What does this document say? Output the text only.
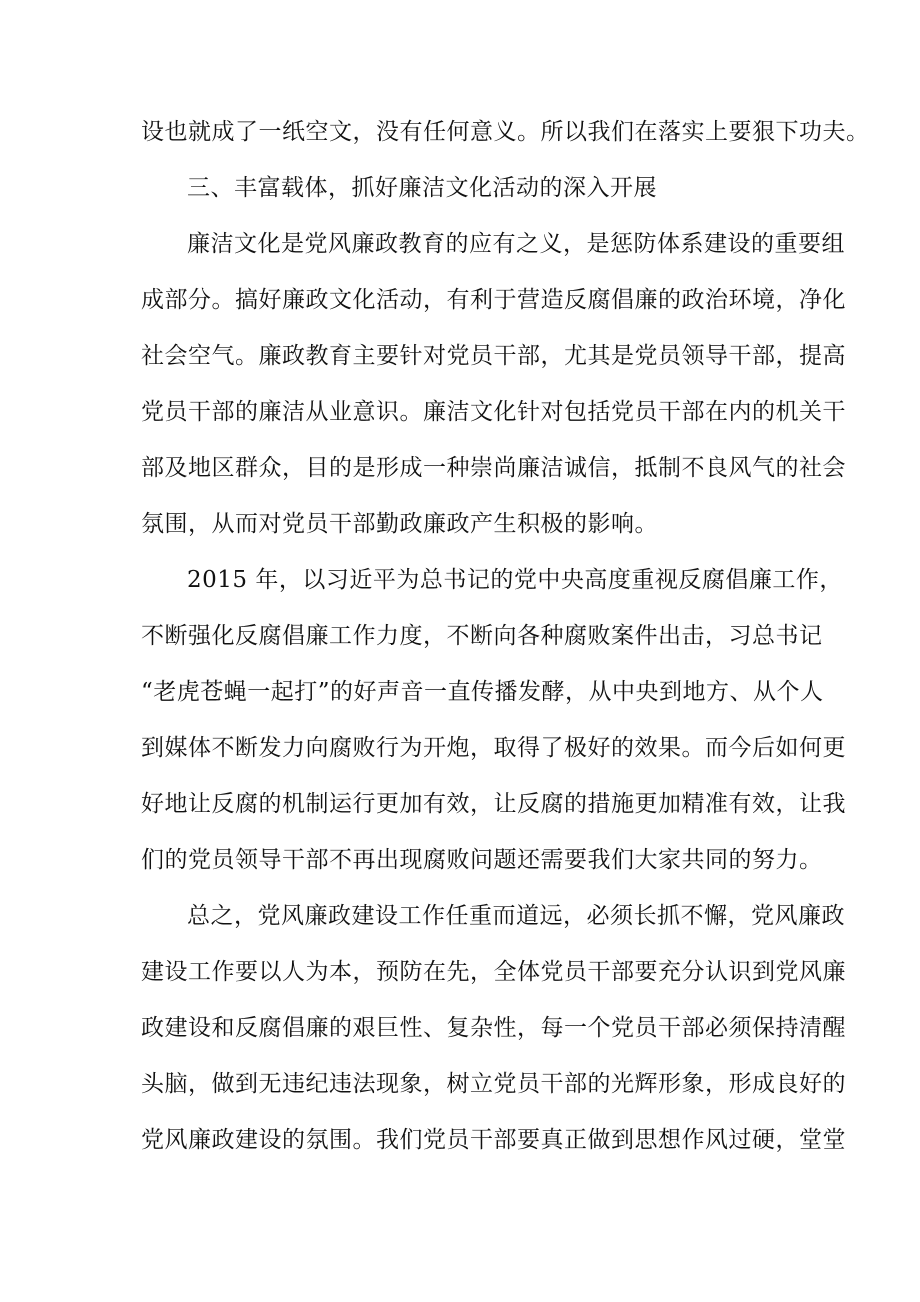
设也就成了一纸空文，没有任何意义。所以我们在落实上要狠下功夫。
三、丰富载体，抓好廉洁文化活动的深入开展
廉洁文化是党风廉政教育的应有之义，是惩防体系建设的重要组
成部分。搞好廉政文化活动，有利于营造反腐倡廉的政治环境，净化
社会空气。廉政教育主要针对党员干部，尤其是党员领导干部，提高
党员干部的廉洁从业意识。廉洁文化针对包括党员干部在内的机关干
部及地区群众，目的是形成一种崇尚廉洁诚信，抵制不良风气的社会
氛围，从而对党员干部勤政廉政产生积极的影响。
2015 年，以习近平为总书记的党中央高度重视反腐倡廉工作，
不断强化反腐倡廉工作力度，不断向各种腐败案件出击，习总书记
“老虎苍蝇一起打”的好声音一直传播发酵，从中央到地方、从个人
到媒体不断发力向腐败行为开炮，取得了极好的效果。而今后如何更
好地让反腐的机制运行更加有效，让反腐的措施更加精准有效，让我
们的党员领导干部不再出现腐败问题还需要我们大家共同的努力。
总之，党风廉政建设工作任重而道远，必须长抓不懈，党风廉政
建设工作要以人为本，预防在先，全体党员干部要充分认识到党风廉
政建设和反腐倡廉的艰巨性、复杂性，每一个党员干部必须保持清醒
头脑，做到无违纪违法现象，树立党员干部的光辉形象，形成良好的
党风廉政建设的氛围。我们党员干部要真正做到思想作风过硬，堂堂
